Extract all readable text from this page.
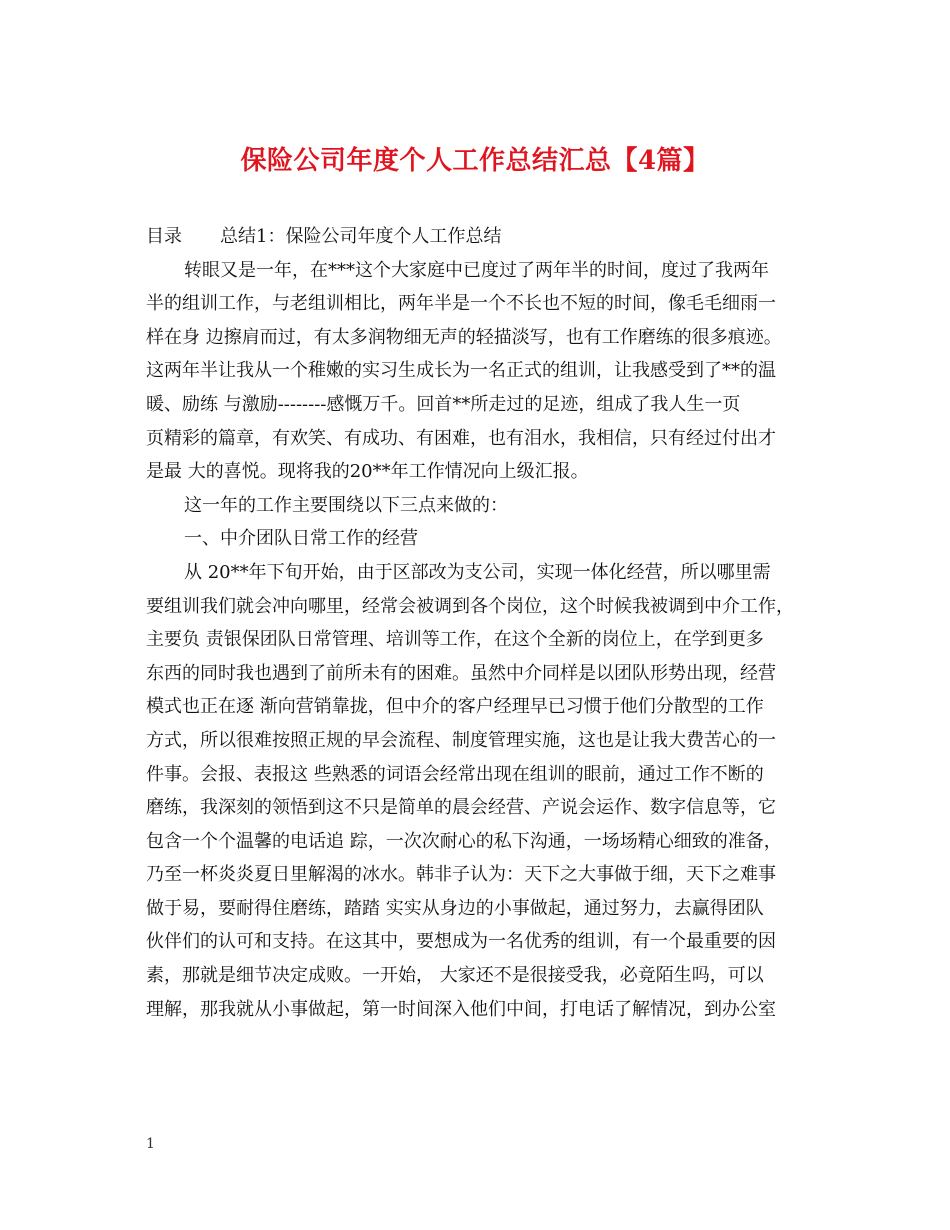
保险公司年度个人工作总结汇总【4篇】
目录 总结1：保险公司年度个人工作总结
转眼又是一年，在***这个大家庭中已度过了两年半的时间，度过了我两年
半的组训工作，与老组训相比，两年半是一个不长也不短的时间，像毛毛细雨一
样在身 边擦肩而过，有太多润物细无声的轻描淡写，也有工作磨练的很多痕迹。
这两年半让我从一个稚嫩的实习生成长为一名正式的组训，让我感受到了**的温
暖、励练 与激励--------感慨万千。回首**所走过的足迹，组成了我人生一页
页精彩的篇章，有欢笑、有成功、有困难，也有泪水，我相信，只有经过付出才
是最 大的喜悦。现将我的20**年工作情况向上级汇报。
这一年的工作主要围绕以下三点来做的：
一、中介团队日常工作的经营
从 20**年下旬开始，由于区部改为支公司，实现一体化经营，所以哪里需
要组训我们就会冲向哪里，经常会被调到各个岗位，这个时候我被调到中介工作，
主要负 责银保团队日常管理、培训等工作，在这个全新的岗位上，在学到更多
东西的同时我也遇到了前所未有的困难。虽然中介同样是以团队形势出现，经营
模式也正在逐 渐向营销靠拢，但中介的客户经理早已习惯于他们分散型的工作
方式，所以很难按照正规的早会流程、制度管理实施，这也是让我大费苦心的一
件事。会报、表报这 些熟悉的词语会经常出现在组训的眼前，通过工作不断的
磨练，我深刻的领悟到这不只是简单的晨会经营、产说会运作、数字信息等，它
包含一个个温馨的电话追 踪，一次次耐心的私下沟通，一场场精心细致的准备，
乃至一杯炎炎夏日里解渴的冰水。韩非子认为：天下之大事做于细，天下之难事
做于易，要耐得住磨练，踏踏 实实从身边的小事做起，通过努力，去赢得团队
伙伴们的认可和支持。在这其中，要想成为一名优秀的组训，有一个最重要的因
素，那就是细节决定成败。一开始， 大家还不是很接受我，必竟陌生吗，可以
理解，那我就从小事做起，第一时间深入他们中间，打电话了解情况，到办公室
1
